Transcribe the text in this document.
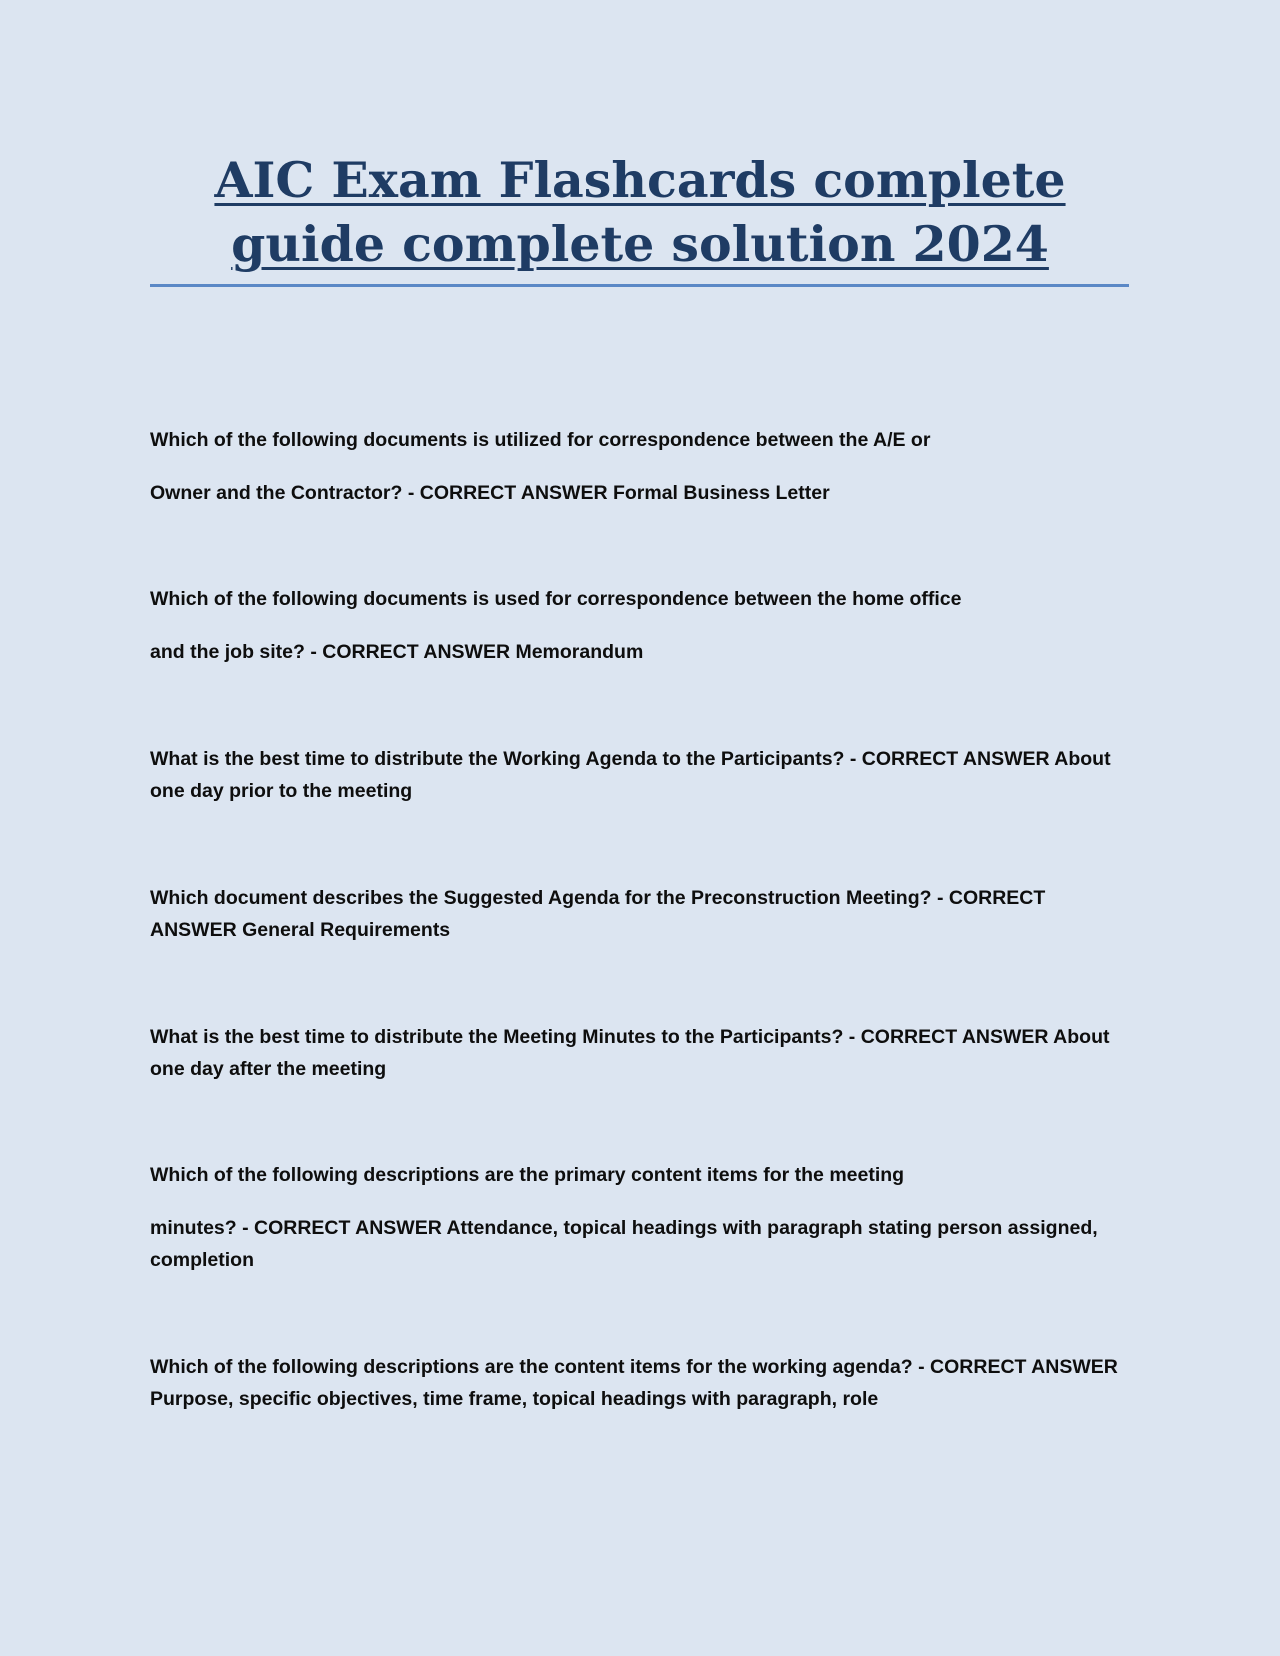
AIC Exam Flashcards complete guide complete solution 2024

Which of the following documents is utilized for correspondence between the A/E or

Owner and the Contractor? - CORRECT ANSWER Formal Business Letter

Which of the following documents is used for correspondence between the home office

and the job site? - CORRECT ANSWER Memorandum

What is the best time to distribute the Working Agenda to the Participants? - CORRECT ANSWER About one day prior to the meeting

Which document describes the Suggested Agenda for the Preconstruction Meeting? - CORRECT ANSWER General Requirements

What is the best time to distribute the Meeting Minutes to the Participants? - CORRECT ANSWER About one day after the meeting

Which of the following descriptions are the primary content items for the meeting

minutes? - CORRECT ANSWER Attendance, topical headings with paragraph stating person assigned, completion

Which of the following descriptions are the content items for the working agenda? - CORRECT ANSWER Purpose, specific objectives, time frame, topical headings with paragraph, role
